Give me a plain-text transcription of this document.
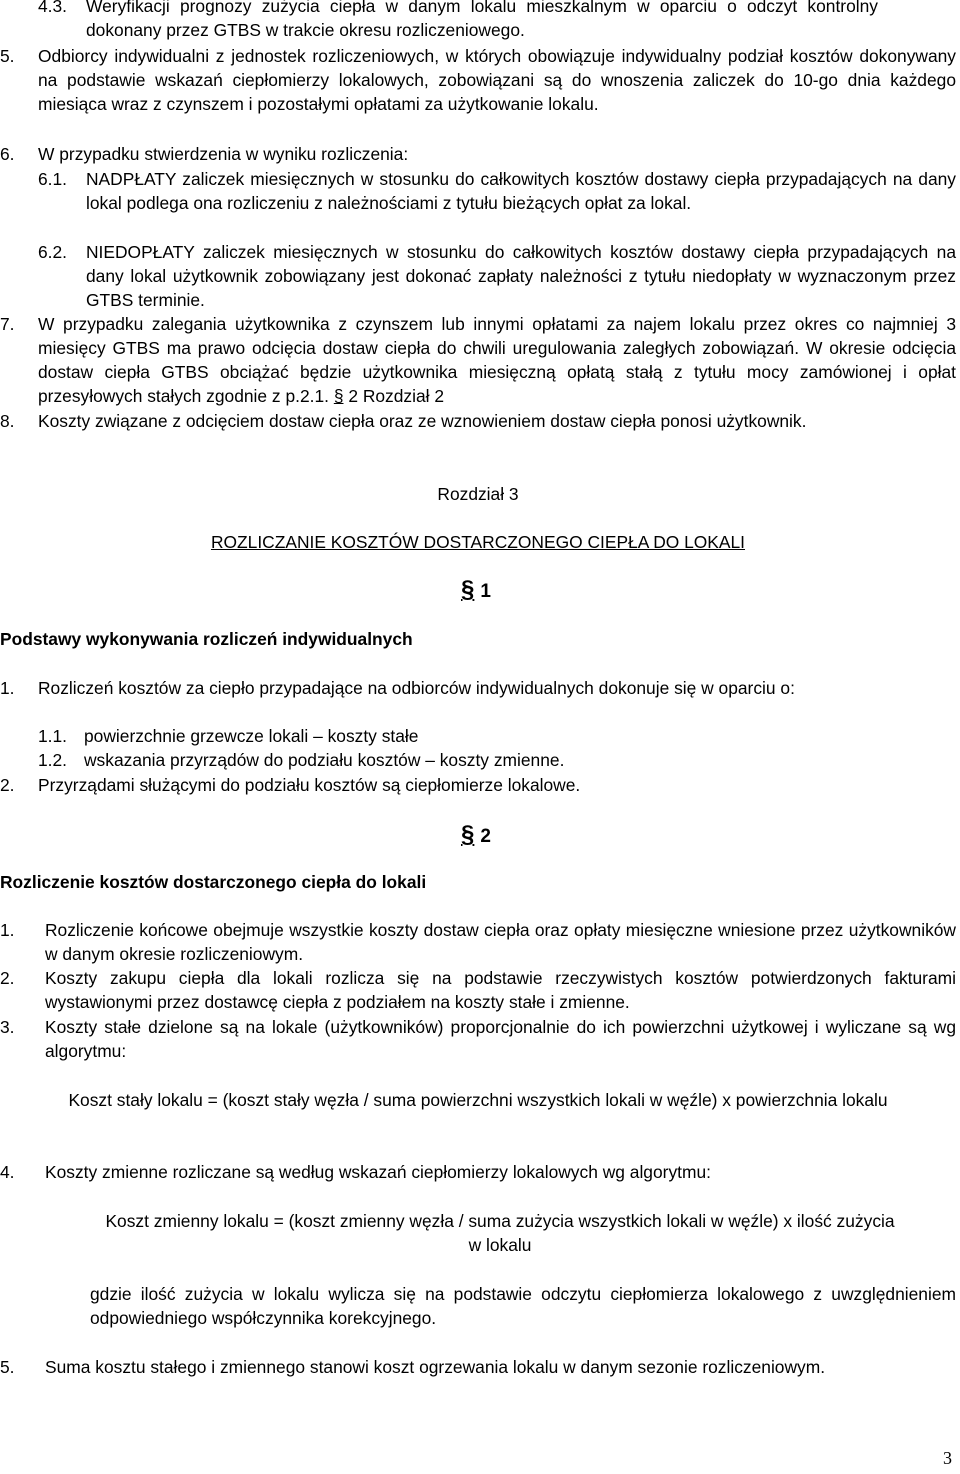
4.3.	Weryfikacji prognozy zużycia ciepła w danym lokalu mieszkalnym w oparciu o odczyt kontrolny dokonany przez GTBS w trakcie okresu rozliczeniowego.
5.	Odbiorcy indywidualni z jednostek rozliczeniowych, w których obowiązuje indywidualny podział kosztów dokonywany na podstawie wskazań ciepłomierzy lokalowych, zobowiązani są do wnoszenia zaliczek do 10-go dnia każdego miesiąca wraz z czynszem i pozostałymi opłatami za użytkowanie lokalu.
6.	W przypadku stwierdzenia w wyniku rozliczenia:
6.1.	NADPŁATY zaliczek miesięcznych w stosunku do całkowitych kosztów dostawy ciepła przypadających na dany lokal podlega ona rozliczeniu z należnościami z tytułu bieżących opłat za lokal.
6.2.	NIEDOPŁATY zaliczek miesięcznych w stosunku do całkowitych kosztów dostawy ciepła przypadających na dany lokal użytkownik zobowiązany jest dokonać zapłaty należności z tytułu niedopłaty w wyznaczonym przez GTBS terminie.
7.	W przypadku zalegania użytkownika z czynszem lub innymi opłatami za najem lokalu przez okres co najmniej 3 miesięcy GTBS ma prawo odcięcia dostaw ciepła do chwili uregulowania zaległych zobowiązań. W okresie odcięcia dostaw ciepła GTBS obciążać będzie użytkownika miesięczną opłatą stałą z tytułu mocy zamówionej i opłat przesyłowych stałych zgodnie z p.2.1. § 2 Rozdział 2
8.	Koszty związane z odcięciem dostaw ciepła oraz ze wznowieniem dostaw ciepła ponosi użytkownik.
Rozdział 3
ROZLICZANIE KOSZTÓW DOSTARCZONEGO CIEPŁA DO LOKALI
§ 1
Podstawy wykonywania rozliczeń indywidualnych
1.	Rozliczeń kosztów za ciepło przypadające na odbiorców indywidualnych dokonuje się w oparciu o:
1.1. powierzchnie grzewcze lokali – koszty stałe
1.2. wskazania przyrządów do podziału kosztów – koszty zmienne.
2.	Przyrządami służącymi do podziału kosztów są ciepłomierze lokalowe.
§ 2
Rozliczenie kosztów dostarczonego ciepła do lokali
1.	Rozliczenie końcowe obejmuje wszystkie koszty dostaw ciepła oraz opłaty miesięczne wniesione przez użytkowników w danym okresie rozliczeniowym.
2.	Koszty zakupu ciepła dla lokali rozlicza się na podstawie rzeczywistych kosztów potwierdzonych fakturami wystawionymi przez dostawcę ciepła z podziałem na koszty stałe i zmienne.
3.	Koszty stałe dzielone są na lokale (użytkowników) proporcjonalnie do ich powierzchni użytkowej i wyliczane są wg algorytmu:
Koszt stały lokalu = (koszt stały węzła / suma powierzchni wszystkich lokali w węźle) x powierzchnia lokalu
4.	Koszty zmienne rozliczane są według wskazań ciepłomierzy lokalowych wg algorytmu:
Koszt zmienny lokalu = (koszt zmienny węzła / suma zużycia wszystkich lokali w węźle) x ilość zużycia w lokalu
gdzie ilość zużycia w lokalu wylicza się na podstawie odczytu ciepłomierza lokalowego z uwzględnieniem odpowiedniego współczynnika korekcyjnego.
5.	Suma kosztu stałego i zmiennego stanowi koszt ogrzewania lokalu w danym sezonie rozliczeniowym.
3
